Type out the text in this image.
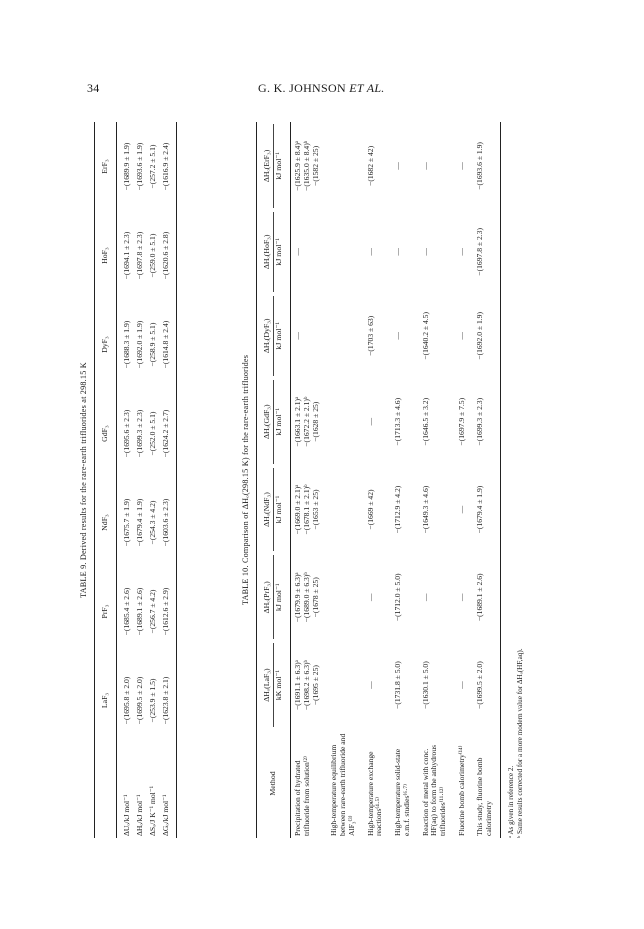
34	G. K. JOHNSON ET AL.
TABLE 9. Derived results for the rare-earth trifluorides at 298.15 K
	LaF₃	PrF₃	NdF₃	GdF₃	DyF₃	HoF₃	ErF₃
ΔUₒ/kJ mol⁻¹	−(1695.8 ± 2.0)	−(1685.4 ± 2.6)	−(1675.7 ± 1.9)	−(1695.6 ± 2.3)	−(1688.3 ± 1.9)	−(1694.1 ± 2.3)	−(1689.9 ± 1.9)
ΔHₒ/kJ mol⁻¹	−(1699.5 ± 2.0)	−(1689.1 ± 2.6)	−(1679.4 ± 1.9)	−(1699.3 ± 2.3)	−(1692.0 ± 1.9)	−(1697.8 ± 2.3)	−(1693.6 ± 1.9)
ΔSₒ/J K⁻¹ mol⁻¹	−(253.9 ± 1.5)	−(256.7 ± 4.2)	−(254.3 ± 4.2)	−(252.0 ± 5.1)	−(258.9 ± 5.1)	−(259.0 ± 5.1)	−(257.2 ± 5.1)
ΔGₒ/kJ mol⁻¹	−(1623.8 ± 2.1)	−(1612.6 ± 2.9)	−(1603.6 ± 2.3)	−(1624.2 ± 2.7)	−(1614.8 ± 2.4)	−(1620.6 ± 2.8)	−(1616.9 ± 2.4)
TABLE 10. Comparison of ΔHₒ(298.15 K) for the rare-earth trifluorides
Method	ΔHₒ(LaF₃) kK mol⁻¹	ΔHₒ(PrF₃) kJ mol⁻¹	ΔHₒ(NdF₃) kJ mol⁻¹	ΔHₒ(GdF₃) kJ mol⁻¹	ΔHₒ(DyF₃) kJ mol⁻¹	ΔHₒ(HoF₃) kJ mol⁻¹	ΔHₒ(ErF₃) kJ mol⁻¹

Precipitation of hydrated trifluoride from solution⁽²⁾	−(1691.1 ± 6.3)ᵃ −(1698.2 ± 6.3)ᵇ −(1695 ± 25)	−(1679.9 ± 6.3)ᵃ −(1689.0 ± 6.3)ᵇ −(1678 ± 25)	−(1669.0 ± 2.1)ᵃ −(1678.1 ± 2.1)ᵇ −(1653 ± 25)	−(1663.1 ± 2.1)ᵃ −(1672.2 ± 2.1)ᵇ −(1628 ± 25)	—	—	−(1625.9 ± 8.4)ᵃ −(1635.0 ± 8.4)ᵇ −(1582 ± 25)

High-temperature equilibrium between rare-earth trifluoride and AlF₃⁽³⁾	

High-temperature exchange reactions⁽⁴·⁵⁾	—	—	−(1669 ± 42)	—	−(1703 ± 63)	—	−(1682 ± 42)

High-temperature solid-state e.m.f. studies⁽⁶·⁷⁾	−(1731.8 ± 5.0)	−(1712.0 ± 5.0)	−(1712.9 ± 4.2)	−(1713.3 ± 4.6)	—	—	—

Reaction of metal with conc. HF(aq) to form the anhydrous trifluorides⁽¹¹·¹²⁾	−(1630.1 ± 5.0)	—	−(1649.3 ± 4.6)	−(1646.5 ± 3.2)	−(1640.2 ± 4.5)	—	—

Fluorine bomb calorimetry⁽¹⁴⁾	—	—	—	−(1697.9 ± 7.5)	—	—	—

This study, fluorine bomb calorimetry	−(1699.5 ± 2.0)	−(1689.1 ± 2.6)	−(1679.4 ± 1.9)	−(1699.3 ± 2.3)	−(1692.0 ± 1.9)	−(1697.8 ± 2.3)	−(1693.6 ± 1.9)
ᵃ As given in reference 2. ᵇ Same results corrected for a more modern value for ΔHₒ(HF,aq).
